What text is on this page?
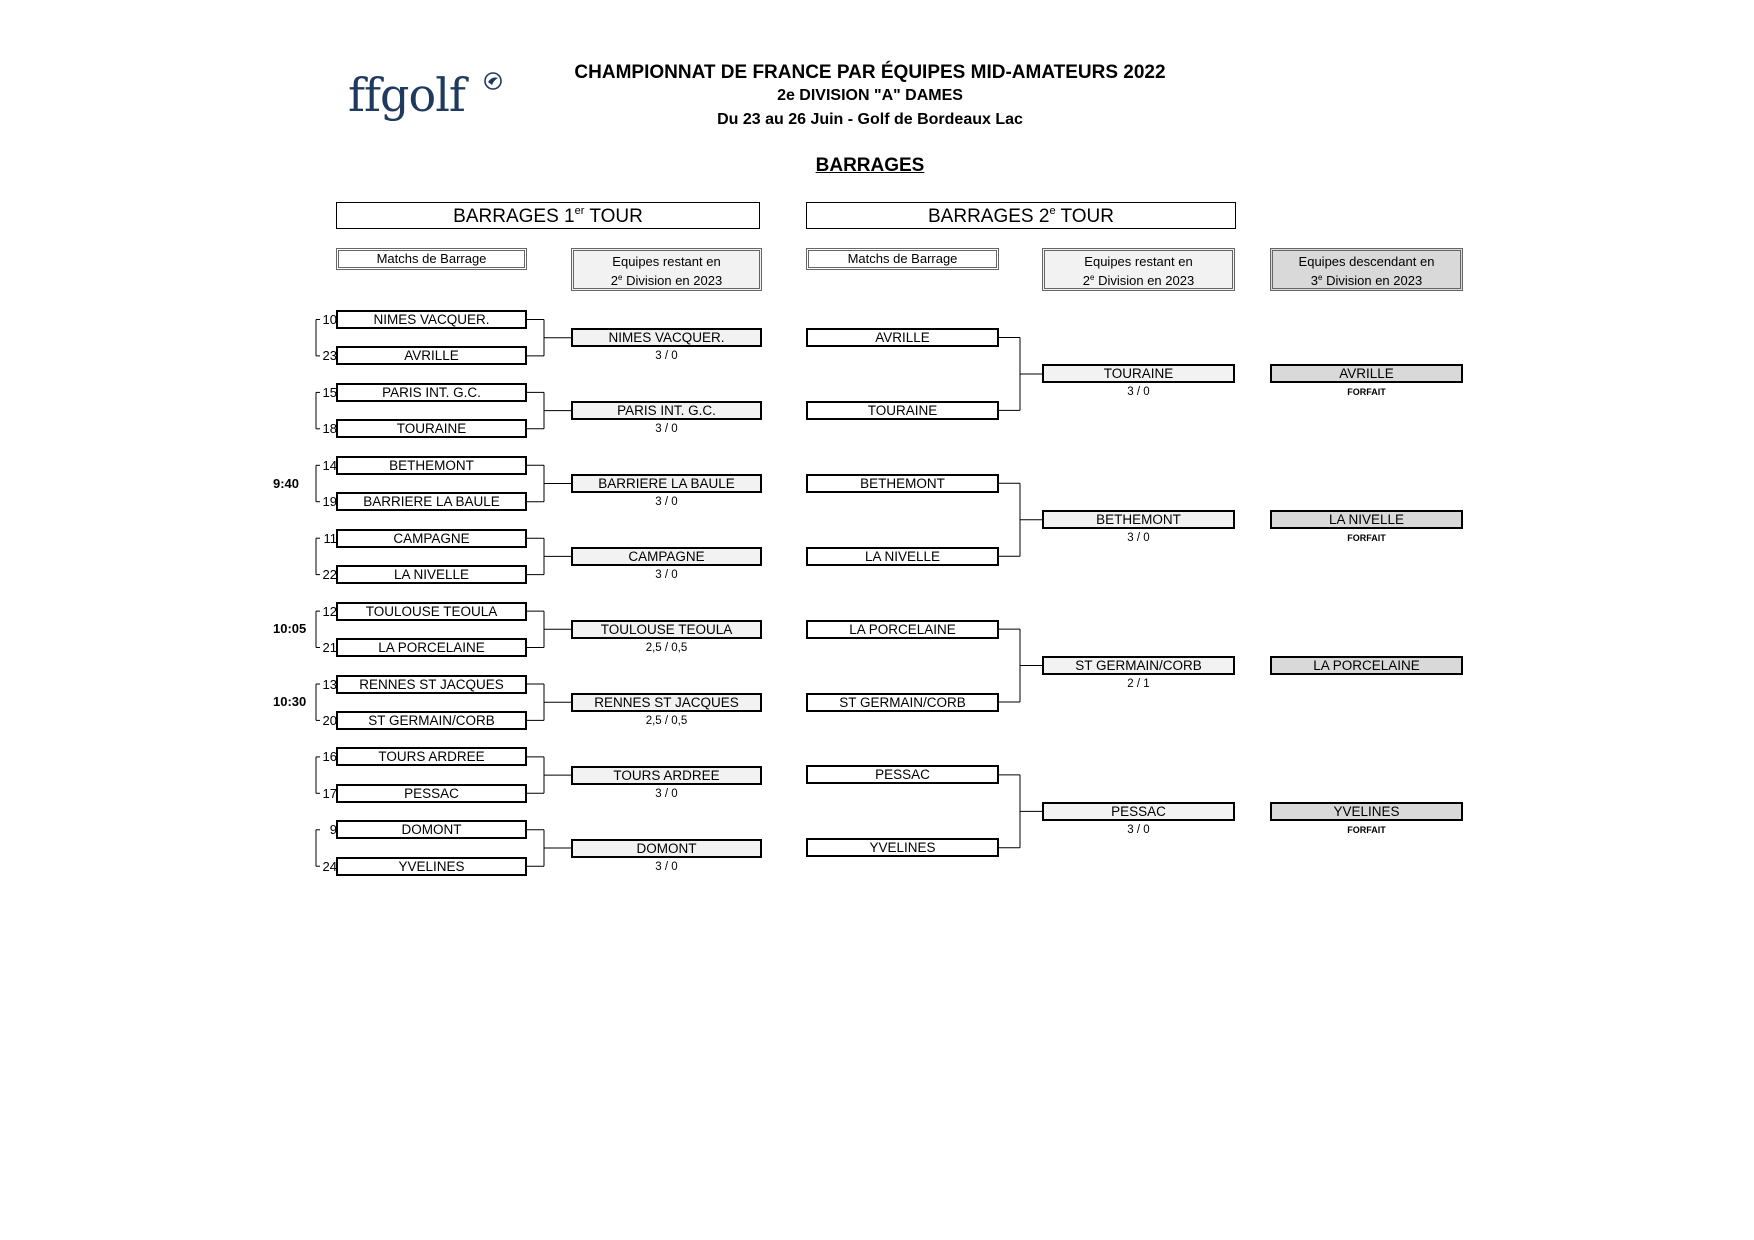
ffgolf	CHAMPIONNAT DE FRANCE PAR ÉQUIPES MID-AMATEURS 2022
2e DIVISION "A" DAMES
Du 23 au 26 Juin - Golf de Bordeaux Lac
BARRAGES
BARRAGES 1er TOUR	BARRAGES 2e TOUR
Matchs de Barrage	Equipes restant en
2e Division en 2023
Matchs de Barrage	Equipes restant en
2e Division en 2023
Equipes descendant en
3e Division en 2023
NIMES VACQUER.
AVRILLE
10
23
NIMES VACQUER.
3 / 0
PARIS INT. G.C.
TOURAINE
15
18
PARIS INT. G.C.
3 / 0
BETHEMONT
BARRIERE LA BAULE
14
19
9:40	BARRIERE LA BAULE
3 / 0
CAMPAGNE
LA NIVELLE
11
22
CAMPAGNE
3 / 0
TOULOUSE TEOULA
LA PORCELAINE
12
21
10:05	TOULOUSE TEOULA
2,5 / 0,5
RENNES ST JACQUES
ST GERMAIN/CORB
13
20
10:30	RENNES ST JACQUES
2,5 / 0,5
TOURS ARDREE
PESSAC
16
17
TOURS ARDREE
3 / 0
DOMONT
YVELINES
9
24
DOMONT
3 / 0
AVRILLE
TOURAINE
TOURAINE
3 / 0
AVRILLE
FORFAIT
BETHEMONT
LA NIVELLE
BETHEMONT
3 / 0
LA NIVELLE
FORFAIT
LA PORCELAINE
ST GERMAIN/CORB
ST GERMAIN/CORB
2 / 1
LA PORCELAINE
PESSAC
YVELINES
PESSAC
3 / 0
YVELINES
FORFAIT
